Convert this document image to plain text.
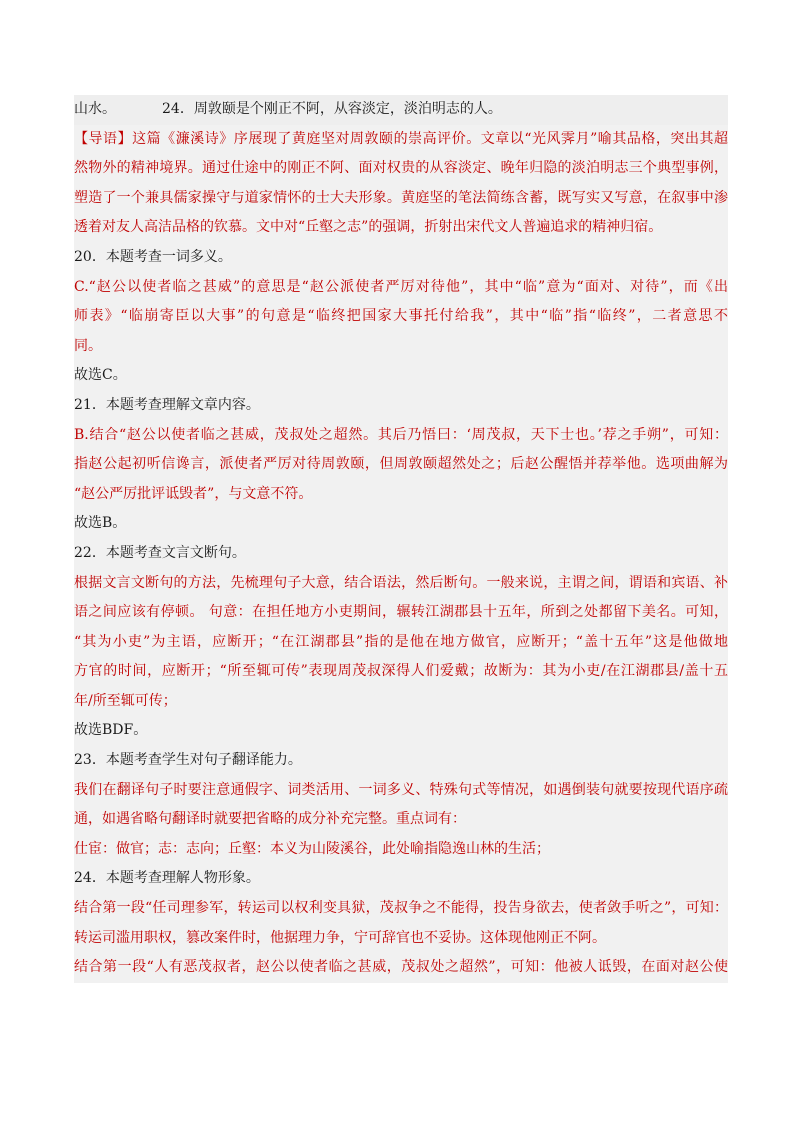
山水。	24．周敦颐是个刚正不阿，从容淡定，淡泊明志的人。
【导语】这篇《濂溪诗》序展现了黄庭坚对周敦颐的崇高评价。文章以“光风霁月”喻其品格，突出其超
然物外的精神境界。通过仕途中的刚正不阿、面对权贵的从容淡定、晚年归隐的淡泊明志三个典型事例，
塑造了一个兼具儒家操守与道家情怀的士大夫形象。黄庭坚的笔法简练含蓄，既写实又写意，在叙事中渗
透着对友人高洁品格的钦慕。文中对“丘壑之志”的强调，折射出宋代文人普遍追求的精神归宿。
20．本题考查一词多义。
C.“赵公以使者临之甚威”的意思是“赵公派使者严厉对待他”，其中“临”意为“面对、对待”，而《出
师表》“临崩寄臣以大事”的句意是“临终把国家大事托付给我”，其中“临”指“临终”，二者意思不
同。
故选C。
21．本题考查理解文章内容。
B.结合“赵公以使者临之甚威，茂叔处之超然。其后乃悟曰：‘周茂叔，天下士也。’荐之手朔”，可知：
指赵公起初听信谗言，派使者严厉对待周敦颐，但周敦颐超然处之；后赵公醒悟并荐举他。选项曲解为
“赵公严厉批评诋毁者”，与文意不符。
故选B。
22．本题考查文言文断句。
根据文言文断句的方法，先梳理句子大意，结合语法，然后断句。一般来说，主谓之间，谓语和宾语、补
语之间应该有停顿。 句意：在担任地方小吏期间，辗转江湖郡县十五年，所到之处都留下美名。可知，
“其为小吏”为主语，应断开；“在江湖郡县”指的是他在地方做官，应断开；“盖十五年”这是他做地
方官的时间，应断开；“所至辄可传”表现周茂叔深得人们爱戴；故断为：其为小吏/在江湖郡县/盖十五
年/所至辄可传；
故选BDF。
23．本题考查学生对句子翻译能力。
我们在翻译句子时要注意通假字、词类活用、一词多义、特殊句式等情况，如遇倒装句就要按现代语序疏
通，如遇省略句翻译时就要把省略的成分补充完整。重点词有：
仕宦：做官；志：志向；丘壑：本义为山陵溪谷，此处喻指隐逸山林的生活；
24．本题考查理解人物形象。
结合第一段“任司理参军，转运司以权利变具狱，茂叔争之不能得，投告身欲去，使者敛手听之”，可知：
转运司滥用职权，篡改案件时，他据理力争，宁可辞官也不妥协。这体现他刚正不阿。
结合第一段“人有恶茂叔者，赵公以使者临之甚威，茂叔处之超然”，可知：他被人诋毁，在面对赵公使
